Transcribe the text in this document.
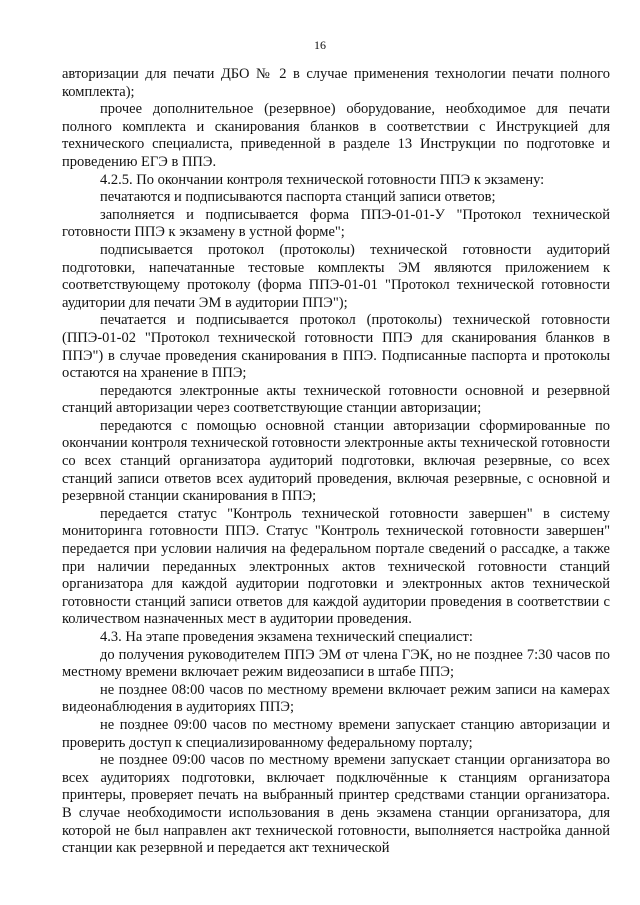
16

авторизации для печати ДБО № 2 в случае применения технологии печати полного комплекта);

прочее дополнительное (резервное) оборудование, необходимое для печати полного комплекта и сканирования бланков в соответствии с Инструкцией для технического специалиста, приведенной в разделе 13 Инструкции по подготовке и проведению ЕГЭ в ППЭ.

4.2.5. По окончании контроля технической готовности ППЭ к экзамену:

печатаются и подписываются паспорта станций записи ответов;

заполняется и подписывается форма ППЭ-01-01-У "Протокол технической готовности ППЭ к экзамену в устной форме";

подписывается протокол (протоколы) технической готовности аудиторий подготовки, напечатанные тестовые комплекты ЭМ являются приложением к соответствующему протоколу (форма ППЭ-01-01 "Протокол технической готовности аудитории для печати ЭМ в аудитории ППЭ");

печатается и подписывается протокол (протоколы) технической готовности (ППЭ-01-02 "Протокол технической готовности ППЭ для сканирования бланков в ППЭ") в случае проведения сканирования в ППЭ. Подписанные паспорта и протоколы остаются на хранение в ППЭ;

передаются электронные акты технической готовности основной и резервной станций авторизации через соответствующие станции авторизации;

передаются с помощью основной станции авторизации сформированные по окончании контроля технической готовности электронные акты технической готовности со всех станций организатора аудиторий подготовки, включая резервные, со всех станций записи ответов всех аудиторий проведения, включая резервные, с основной и резервной станции сканирования в ППЭ;

передается статус "Контроль технической готовности завершен" в систему мониторинга готовности ППЭ. Статус "Контроль технической готовности завершен" передается при условии наличия на федеральном портале сведений о рассадке, а также при наличии переданных электронных актов технической готовности станций организатора для каждой аудитории подготовки и электронных актов технической готовности станций записи ответов для каждой аудитории проведения в соответствии с количеством назначенных мест в аудитории проведения.

4.3. На этапе проведения экзамена технический специалист:

до получения руководителем ППЭ ЭМ от члена ГЭК, но не позднее 7:30 часов по местному времени включает режим видеозаписи в штабе ППЭ;

не позднее 08:00 часов по местному времени включает режим записи на камерах видеонаблюдения в аудиториях ППЭ;

не позднее 09:00 часов по местному времени запускает станцию авторизации и проверить доступ к специализированному федеральному порталу;

не позднее 09:00 часов по местному времени запускает станции организатора во всех аудиториях подготовки, включает подключённые к станциям организатора принтеры, проверяет печать на выбранный принтер средствами станции организатора. В случае необходимости использования в день экзамена станции организатора, для которой не был направлен акт технической готовности, выполняется настройка данной станции как резервной и передается акт технической
